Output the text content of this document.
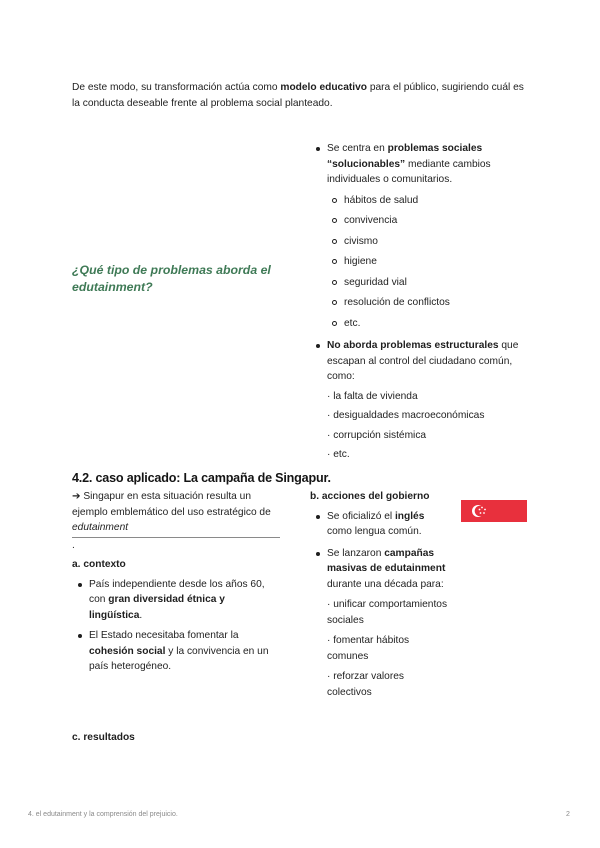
De este modo, su transformación actúa como modelo educativo para el público, sugiriendo cuál es la conducta deseable frente al problema social planteado.
¿Qué tipo de problemas aborda el edutainment?
Se centra en problemas sociales “solucionables” mediante cambios individuales o comunitarios.
hábitos de salud
convivencia
civismo
higiene
seguridad vial
resolución de conflictos
etc.
No aborda problemas estructurales que escapan al control del ciudadano común, como:

· la falta de vivienda

· desigualdades macroeconómicas

· corrupción sistémica

· etc.

4.2. caso aplicado: La campaña de Singapur.

➔ Singapur en esta situación resulta un ejemplo emblemático del uso estratégico de edutainment.

a. contexto
País independiente desde los años 60, con gran diversidad étnica y lingüística.
El Estado necesitaba fomentar la cohesión social y la convivencia en un país heterogéneo.
b. acciones del gobierno
Se oficializó el inglés como lengua común.
Se lanzaron campañas masivas de edutainment durante una década para:

· unificar comportamientos sociales

· fomentar hábitos comunes

· reforzar valores colectivos

c. resultados
4. el edutainment y la comprensión del prejuicio.	2
